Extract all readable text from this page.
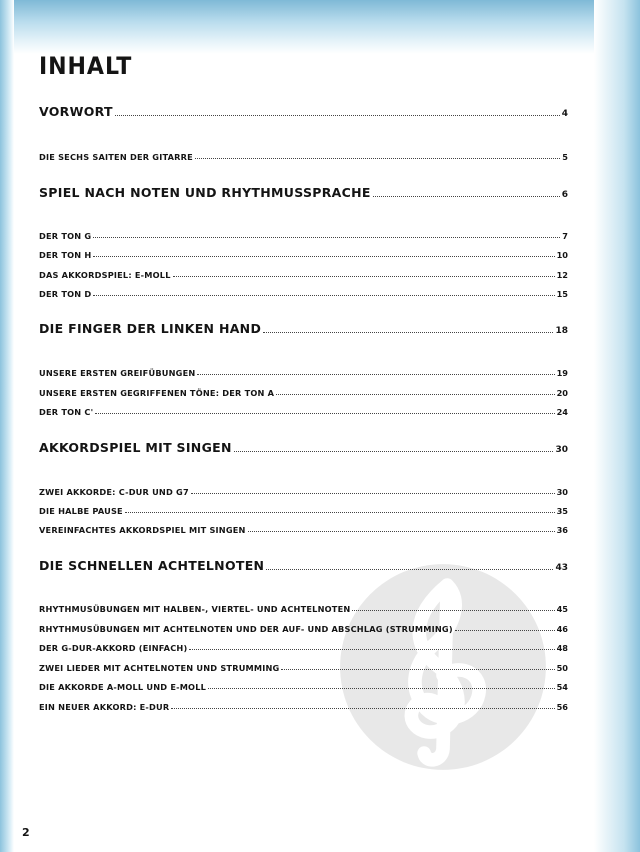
INHALT
VORWORT	4
DIE SECHS SAITEN DER GITARRE	5
SPIEL NACH NOTEN UND RHYTHMUSSPRACHE	6
DER TON G	7
DER TON H	10
DAS AKKORDSPIEL: E-MOLL	12
DER TON D	15
DIE FINGER DER LINKEN HAND	18
UNSERE ERSTEN GREIFÜBUNGEN	19
UNSERE ERSTEN GEGRIFFENEN TÖNE: DER TON A	20
DER TON C'	24
AKKORDSPIEL MIT SINGEN	30
ZWEI AKKORDE: C-DUR UND G7	30
DIE HALBE PAUSE	35
VEREINFACHTES AKKORDSPIEL MIT SINGEN	36
DIE SCHNELLEN ACHTELNOTEN	43
RHYTHMUSÜBUNGEN MIT HALBEN-, VIERTEL- UND ACHTELNOTEN	45
RHYTHMUSÜBUNGEN MIT ACHTELNOTEN UND DER AUF- UND ABSCHLAG (STRUMMING)	46
DER G-DUR-AKKORD (EINFACH)	48
ZWEI LIEDER MIT ACHTELNOTEN UND STRUMMING	50
DIE AKKORDE A-MOLL UND E-MOLL	54
EIN NEUER AKKORD: E-DUR	56
2
